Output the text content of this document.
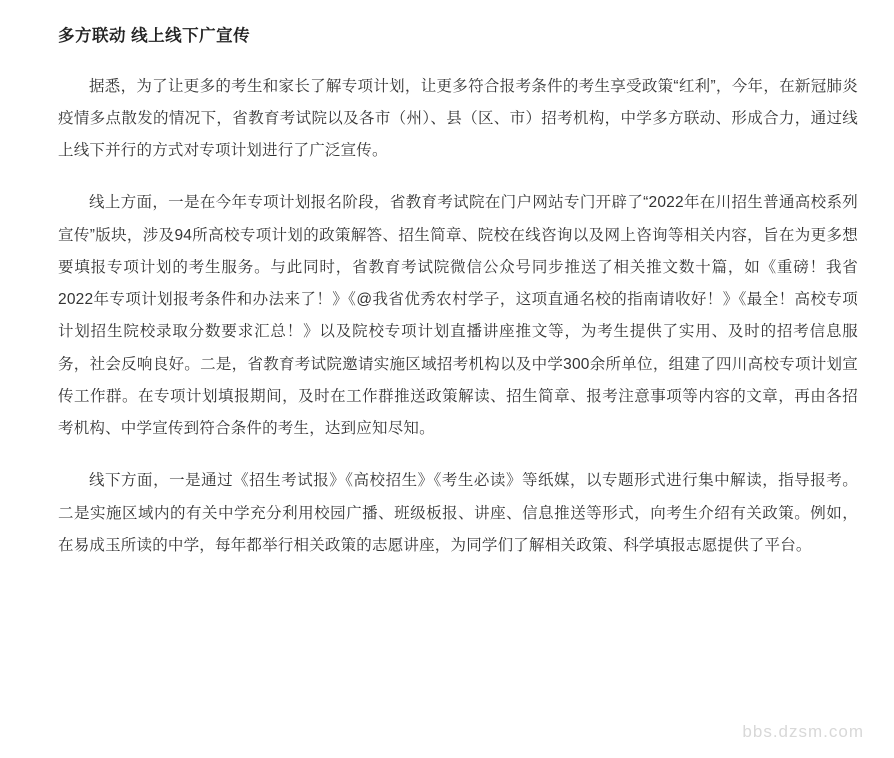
多方联动 线上线下广宣传

据悉，为了让更多的考生和家长了解专项计划，让更多符合报考条件的考生享受政策“红利”，今年，在新冠肺炎疫情多点散发的情况下，省教育考试院以及各市（州）、县（区、市）招考机构，中学多方联动、形成合力，通过线上线下并行的方式对专项计划进行了广泛宣传。

线上方面，一是在今年专项计划报名阶段，省教育考试院在门户网站专门开辟了“2022年在川招生普通高校系列宣传”版块，涉及94所高校专项计划的政策解答、招生简章、院校在线咨询以及网上咨询等相关内容，旨在为更多想要填报专项计划的考生服务。与此同时，省教育考试院微信公众号同步推送了相关推文数十篇，如《重磅！我省2022年专项计划报考条件和办法来了！》《@我省优秀农村学子，这项直通名校的指南请收好！》《最全！高校专项计划招生院校录取分数要求汇总！》以及院校专项计划直播讲座推文等，为考生提供了实用、及时的招考信息服务，社会反响良好。二是，省教育考试院邀请实施区域招考机构以及中学300余所单位，组建了四川高校专项计划宣传工作群。在专项计划填报期间，及时在工作群推送政策解读、招生简章、报考注意事项等内容的文章，再由各招考机构、中学宣传到符合条件的考生，达到应知尽知。

线下方面，一是通过《招生考试报》《高校招生》《考生必读》等纸媒，以专题形式进行集中解读，指导报考。二是实施区域内的有关中学充分利用校园广播、班级板报、讲座、信息推送等形式，向考生介绍有关政策。例如，在易成玉所读的中学，每年都举行相关政策的志愿讲座，为同学们了解相关政策、科学填报志愿提供了平台。

bbs.dzsm.com
